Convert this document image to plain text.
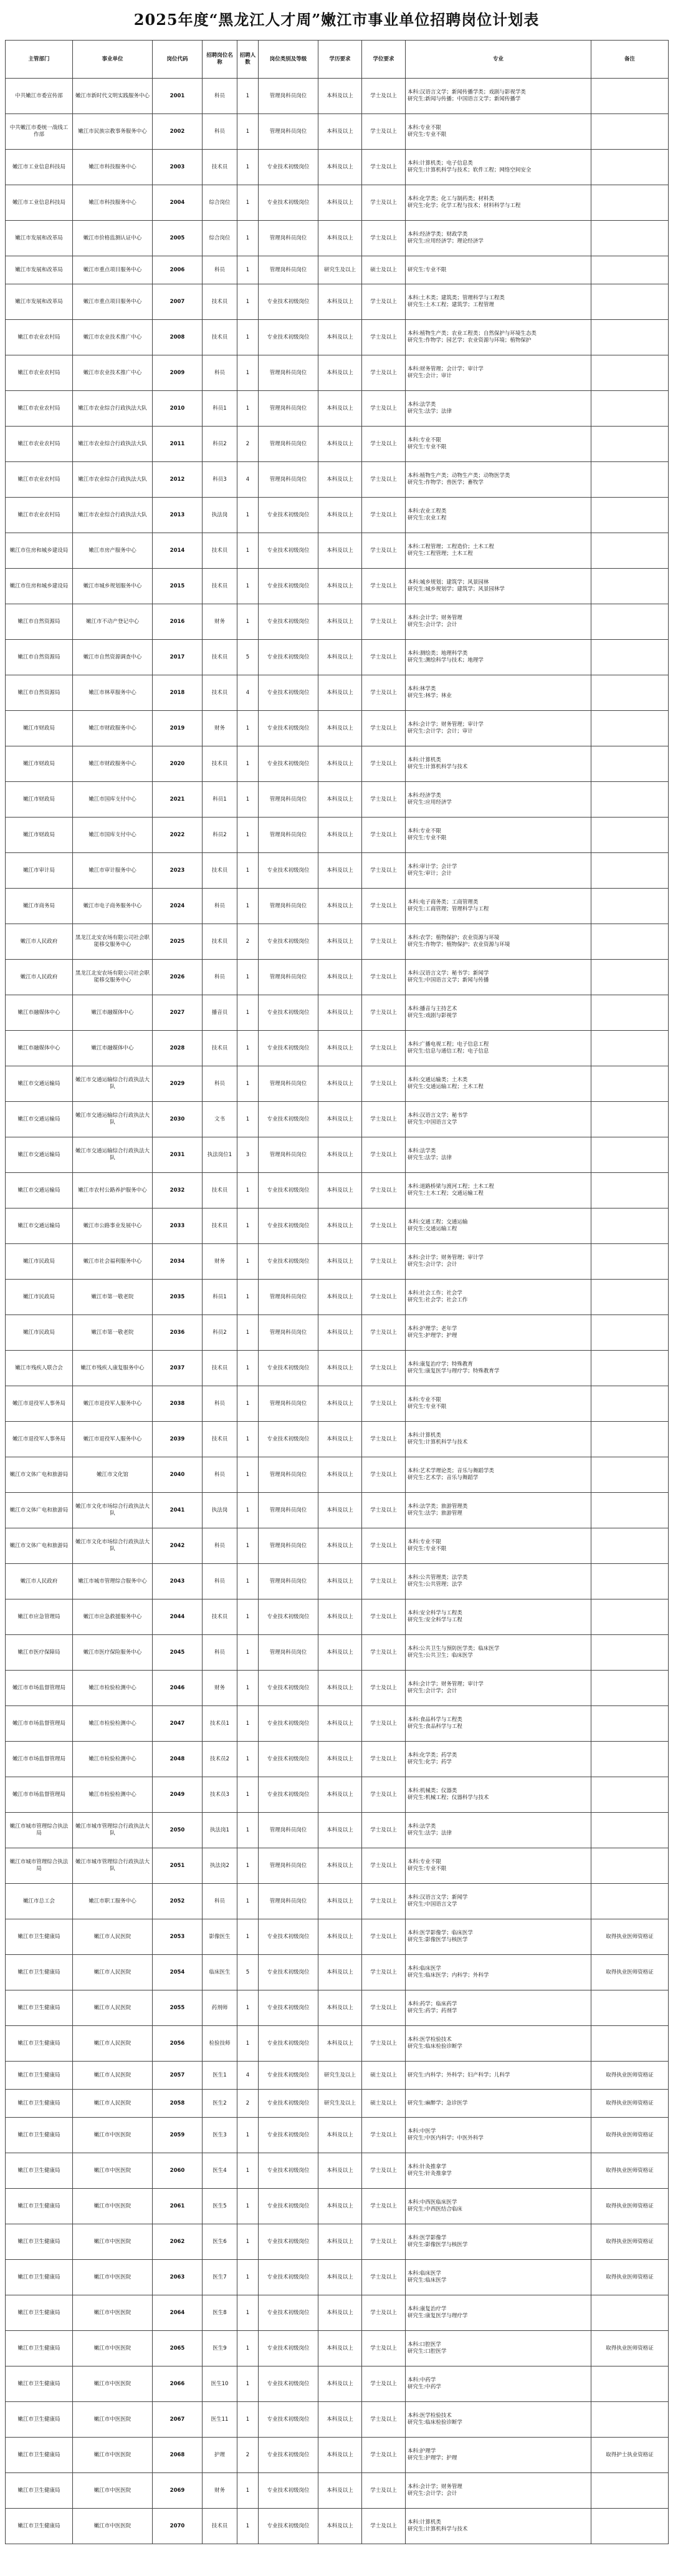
2025年度“黑龙江人才周”嫩江市事业单位招聘岗位计划表
主管部门	事业单位	岗位代码	招聘岗位名称	招聘人数	岗位类别及等级	学历要求	学位要求	专业	备注
中共嫩江市委宣传部	嫩江市新时代文明实践服务中心	2001	科员	1	管理岗科员岗位	本科及以上	学士及以上	本科:汉语言文学；新闻传播学类；戏剧与影视学类
研究生:新闻与传播；中国语言文学；新闻传播学	
中共嫩江市委统一战线工作部	嫩江市民族宗教事务服务中心	2002	科员	1	管理岗科员岗位	本科及以上	学士及以上	本科:专业不限
研究生:专业不限	
嫩江市工业信息科技局	嫩江市科技服务中心	2003	技术员	1	专业技术初级岗位	本科及以上	学士及以上	本科:计算机类；电子信息类
研究生:计算机科学与技术；软件工程；网络空间安全	
嫩江市工业信息科技局	嫩江市科技服务中心	2004	综合岗位	1	专业技术初级岗位	本科及以上	学士及以上	本科:化学类；化工与制药类；材料类
研究生:化学；化学工程与技术；材料科学与工程	
嫩江市发展和改革局	嫩江市价格监测认证中心	2005	综合岗位	1	管理岗科员岗位	本科及以上	学士及以上	本科:经济学类；财政学类
研究生:应用经济学；理论经济学	
嫩江市发展和改革局	嫩江市重点项目服务中心	2006	科员	1	管理岗科员岗位	研究生及以上	硕士及以上	研究生:专业不限	
嫩江市发展和改革局	嫩江市重点项目服务中心	2007	技术员	1	专业技术初级岗位	本科及以上	学士及以上	本科:土木类；建筑类；管理科学与工程类
研究生:土木工程；建筑学；工程管理	
嫩江市农业农村局	嫩江市农业技术推广中心	2008	技术员	1	专业技术初级岗位	本科及以上	学士及以上	本科:植物生产类；农业工程类；自然保护与环境生态类
研究生:作物学；园艺学；农业资源与环境；植物保护	
嫩江市农业农村局	嫩江市农业技术推广中心	2009	科员	1	管理岗科员岗位	本科及以上	学士及以上	本科:财务管理；会计学；审计学
研究生:会计；审计	
嫩江市农业农村局	嫩江市农业综合行政执法大队	2010	科员1	1	管理岗科员岗位	本科及以上	学士及以上	本科:法学类
研究生:法学；法律	
嫩江市农业农村局	嫩江市农业综合行政执法大队	2011	科员2	2	管理岗科员岗位	本科及以上	学士及以上	本科:专业不限
研究生:专业不限	
嫩江市农业农村局	嫩江市农业综合行政执法大队	2012	科员3	4	管理岗科员岗位	本科及以上	学士及以上	本科:植物生产类；动物生产类；动物医学类
研究生:作物学；兽医学；畜牧学	
嫩江市农业农村局	嫩江市农业综合行政执法大队	2013	执法岗	1	专业技术初级岗位	本科及以上	学士及以上	本科:农业工程类
研究生:农业工程	
嫩江市住房和城乡建设局	嫩江市房产服务中心	2014	技术员	1	专业技术初级岗位	本科及以上	学士及以上	本科:工程管理；工程造价；土木工程
研究生:工程管理；土木工程	
嫩江市住房和城乡建设局	嫩江市城乡规划服务中心	2015	技术员	1	专业技术初级岗位	本科及以上	学士及以上	本科:城乡规划；建筑学；风景园林
研究生:城乡规划学；建筑学；风景园林学	
嫩江市自然资源局	嫩江市不动产登记中心	2016	财务	1	专业技术初级岗位	本科及以上	学士及以上	本科:会计学；财务管理
研究生:会计学；会计	
嫩江市自然资源局	嫩江市自然资源调查中心	2017	技术员	5	专业技术初级岗位	本科及以上	学士及以上	本科:测绘类；地理科学类
研究生:测绘科学与技术；地理学	
嫩江市自然资源局	嫩江市林草服务中心	2018	技术员	4	专业技术初级岗位	本科及以上	学士及以上	本科:林学类
研究生:林学；林业	
嫩江市财政局	嫩江市财政服务中心	2019	财务	1	专业技术初级岗位	本科及以上	学士及以上	本科:会计学；财务管理；审计学
研究生:会计学；会计；审计	
嫩江市财政局	嫩江市财政服务中心	2020	技术员	1	专业技术初级岗位	本科及以上	学士及以上	本科:计算机类
研究生:计算机科学与技术	
嫩江市财政局	嫩江市国库支付中心	2021	科员1	1	管理岗科员岗位	本科及以上	学士及以上	本科:经济学类
研究生:应用经济学	
嫩江市财政局	嫩江市国库支付中心	2022	科员2	1	管理岗科员岗位	本科及以上	学士及以上	本科:专业不限
研究生:专业不限	
嫩江市审计局	嫩江市审计服务中心	2023	技术员	1	专业技术初级岗位	本科及以上	学士及以上	本科:审计学；会计学
研究生:审计；会计	
嫩江市商务局	嫩江市电子商务服务中心	2024	科员	1	管理岗科员岗位	本科及以上	学士及以上	本科:电子商务类；工商管理类
研究生:工商管理；管理科学与工程	
嫩江市人民政府	黑龙江北安农场有限公司社会职能移交服务中心	2025	技术员	2	专业技术初级岗位	本科及以上	学士及以上	本科:农学；植物保护；农业资源与环境
研究生:作物学；植物保护；农业资源与环境	
嫩江市人民政府	黑龙江北安农场有限公司社会职能移交服务中心	2026	科员	1	管理岗科员岗位	本科及以上	学士及以上	本科:汉语言文学；秘书学；新闻学
研究生:中国语言文学；新闻与传播	
嫩江市融媒体中心	嫩江市融媒体中心	2027	播音员	1	专业技术初级岗位	本科及以上	学士及以上	本科:播音与主持艺术
研究生:戏剧与影视学	
嫩江市融媒体中心	嫩江市融媒体中心	2028	技术员	1	专业技术初级岗位	本科及以上	学士及以上	本科:广播电视工程；电子信息工程
研究生:信息与通信工程；电子信息	
嫩江市交通运输局	嫩江市交通运输综合行政执法大队	2029	科员	1	管理岗科员岗位	本科及以上	学士及以上	本科:交通运输类；土木类
研究生:交通运输工程；土木工程	
嫩江市交通运输局	嫩江市交通运输综合行政执法大队	2030	文书	1	专业技术初级岗位	本科及以上	学士及以上	本科:汉语言文学；秘书学
研究生:中国语言文学	
嫩江市交通运输局	嫩江市交通运输综合行政执法大队	2031	执法岗位1	3	管理岗科员岗位	本科及以上	学士及以上	本科:法学类
研究生:法学；法律	
嫩江市交通运输局	嫩江市农村公路养护服务中心	2032	技术员	1	专业技术初级岗位	本科及以上	学士及以上	本科:道路桥梁与渡河工程；土木工程
研究生:土木工程；交通运输工程	
嫩江市交通运输局	嫩江市公路事业发展中心	2033	技术员	1	专业技术初级岗位	本科及以上	学士及以上	本科:交通工程；交通运输
研究生:交通运输工程	
嫩江市民政局	嫩江市社会福利服务中心	2034	财务	1	专业技术初级岗位	本科及以上	学士及以上	本科:会计学；财务管理；审计学
研究生:会计学；会计	
嫩江市民政局	嫩江市第一敬老院	2035	科员1	1	管理岗科员岗位	本科及以上	学士及以上	本科:社会工作；社会学
研究生:社会学；社会工作	
嫩江市民政局	嫩江市第一敬老院	2036	科员2	1	管理岗科员岗位	本科及以上	学士及以上	本科:护理学；老年学
研究生:护理学；护理	
嫩江市残疾人联合会	嫩江市残疾人康复服务中心	2037	技术员	1	专业技术初级岗位	本科及以上	学士及以上	本科:康复治疗学；特殊教育
研究生:康复医学与理疗学；特殊教育学	
嫩江市退役军人事务局	嫩江市退役军人服务中心	2038	科员	1	管理岗科员岗位	本科及以上	学士及以上	本科:专业不限
研究生:专业不限	
嫩江市退役军人事务局	嫩江市退役军人服务中心	2039	技术员	1	专业技术初级岗位	本科及以上	学士及以上	本科:计算机类
研究生:计算机科学与技术	
嫩江市文体广电和旅游局	嫩江市文化馆	2040	科员	1	管理岗科员岗位	本科及以上	学士及以上	本科:艺术学理论类；音乐与舞蹈学类
研究生:艺术学；音乐与舞蹈学	
嫩江市文体广电和旅游局	嫩江市文化市场综合行政执法大队	2041	执法岗	1	管理岗科员岗位	本科及以上	学士及以上	本科:法学类；旅游管理类
研究生:法学；旅游管理	
嫩江市文体广电和旅游局	嫩江市文化市场综合行政执法大队	2042	科员	1	管理岗科员岗位	本科及以上	学士及以上	本科:专业不限
研究生:专业不限	
嫩江市人民政府	嫩江市城市管理综合服务中心	2043	科员	1	管理岗科员岗位	本科及以上	学士及以上	本科:公共管理类；法学类
研究生:公共管理；法学	
嫩江市应急管理局	嫩江市应急救援服务中心	2044	技术员	1	专业技术初级岗位	本科及以上	学士及以上	本科:安全科学与工程类
研究生:安全科学与工程	
嫩江市医疗保障局	嫩江市医疗保险服务中心	2045	科员	1	管理岗科员岗位	本科及以上	学士及以上	本科:公共卫生与预防医学类；临床医学
研究生:公共卫生；临床医学	
嫩江市市场监督管理局	嫩江市检验检测中心	2046	财务	1	专业技术初级岗位	本科及以上	学士及以上	本科:会计学；财务管理；审计学
研究生:会计学；会计	
嫩江市市场监督管理局	嫩江市检验检测中心	2047	技术员1	1	专业技术初级岗位	本科及以上	学士及以上	本科:食品科学与工程类
研究生:食品科学与工程	
嫩江市市场监督管理局	嫩江市检验检测中心	2048	技术员2	1	专业技术初级岗位	本科及以上	学士及以上	本科:化学类；药学类
研究生:化学；药学	
嫩江市市场监督管理局	嫩江市检验检测中心	2049	技术员3	1	专业技术初级岗位	本科及以上	学士及以上	本科:机械类；仪器类
研究生:机械工程；仪器科学与技术	
嫩江市城市管理综合执法局	嫩江市城市管理综合行政执法大队	2050	执法岗1	1	管理岗科员岗位	本科及以上	学士及以上	本科:法学类
研究生:法学；法律	
嫩江市城市管理综合执法局	嫩江市城市管理综合行政执法大队	2051	执法岗2	1	管理岗科员岗位	本科及以上	学士及以上	本科:专业不限
研究生:专业不限	
嫩江市总工会	嫩江市职工服务中心	2052	科员	1	管理岗科员岗位	本科及以上	学士及以上	本科:汉语言文学；新闻学
研究生:中国语言文学	
嫩江市卫生健康局	嫩江市人民医院	2053	影像医生	1	专业技术初级岗位	本科及以上	学士及以上	本科:医学影像学；临床医学
研究生:影像医学与核医学	取得执业医师资格证
嫩江市卫生健康局	嫩江市人民医院	2054	临床医生	5	专业技术初级岗位	本科及以上	学士及以上	本科:临床医学
研究生:临床医学；内科学；外科学	取得执业医师资格证
嫩江市卫生健康局	嫩江市人民医院	2055	药剂师	1	专业技术初级岗位	本科及以上	学士及以上	本科:药学；临床药学
研究生:药学；药剂学	
嫩江市卫生健康局	嫩江市人民医院	2056	检验技师	1	专业技术初级岗位	本科及以上	学士及以上	本科:医学检验技术
研究生:临床检验诊断学	
嫩江市卫生健康局	嫩江市人民医院	2057	医生1	4	专业技术初级岗位	研究生及以上	硕士及以上	研究生:内科学；外科学；妇产科学；儿科学	取得执业医师资格证
嫩江市卫生健康局	嫩江市人民医院	2058	医生2	2	专业技术初级岗位	研究生及以上	硕士及以上	研究生:麻醉学；急诊医学	取得执业医师资格证
嫩江市卫生健康局	嫩江市中医医院	2059	医生3	1	专业技术初级岗位	本科及以上	学士及以上	本科:中医学
研究生:中医内科学；中医外科学	取得执业医师资格证
嫩江市卫生健康局	嫩江市中医医院	2060	医生4	1	专业技术初级岗位	本科及以上	学士及以上	本科:针灸推拿学
研究生:针灸推拿学	取得执业医师资格证
嫩江市卫生健康局	嫩江市中医医院	2061	医生5	1	专业技术初级岗位	本科及以上	学士及以上	本科:中西医临床医学
研究生:中西医结合临床	取得执业医师资格证
嫩江市卫生健康局	嫩江市中医医院	2062	医生6	1	专业技术初级岗位	本科及以上	学士及以上	本科:医学影像学
研究生:影像医学与核医学	取得执业医师资格证
嫩江市卫生健康局	嫩江市中医医院	2063	医生7	1	专业技术初级岗位	本科及以上	学士及以上	本科:临床医学
研究生:临床医学	取得执业医师资格证
嫩江市卫生健康局	嫩江市中医医院	2064	医生8	1	专业技术初级岗位	本科及以上	学士及以上	本科:康复治疗学
研究生:康复医学与理疗学	
嫩江市卫生健康局	嫩江市中医医院	2065	医生9	1	专业技术初级岗位	本科及以上	学士及以上	本科:口腔医学
研究生:口腔医学	取得执业医师资格证
嫩江市卫生健康局	嫩江市中医医院	2066	医生10	1	专业技术初级岗位	本科及以上	学士及以上	本科:中药学
研究生:中药学	
嫩江市卫生健康局	嫩江市中医医院	2067	医生11	1	专业技术初级岗位	本科及以上	学士及以上	本科:医学检验技术
研究生:临床检验诊断学	
嫩江市卫生健康局	嫩江市中医医院	2068	护理	2	专业技术初级岗位	本科及以上	学士及以上	本科:护理学
研究生:护理学；护理	取得护士执业资格证
嫩江市卫生健康局	嫩江市中医医院	2069	财务	1	专业技术初级岗位	本科及以上	学士及以上	本科:会计学；财务管理
研究生:会计学；会计	
嫩江市卫生健康局	嫩江市中医医院	2070	技术员	1	专业技术初级岗位	本科及以上	学士及以上	本科:计算机类
研究生:计算机科学与技术	
